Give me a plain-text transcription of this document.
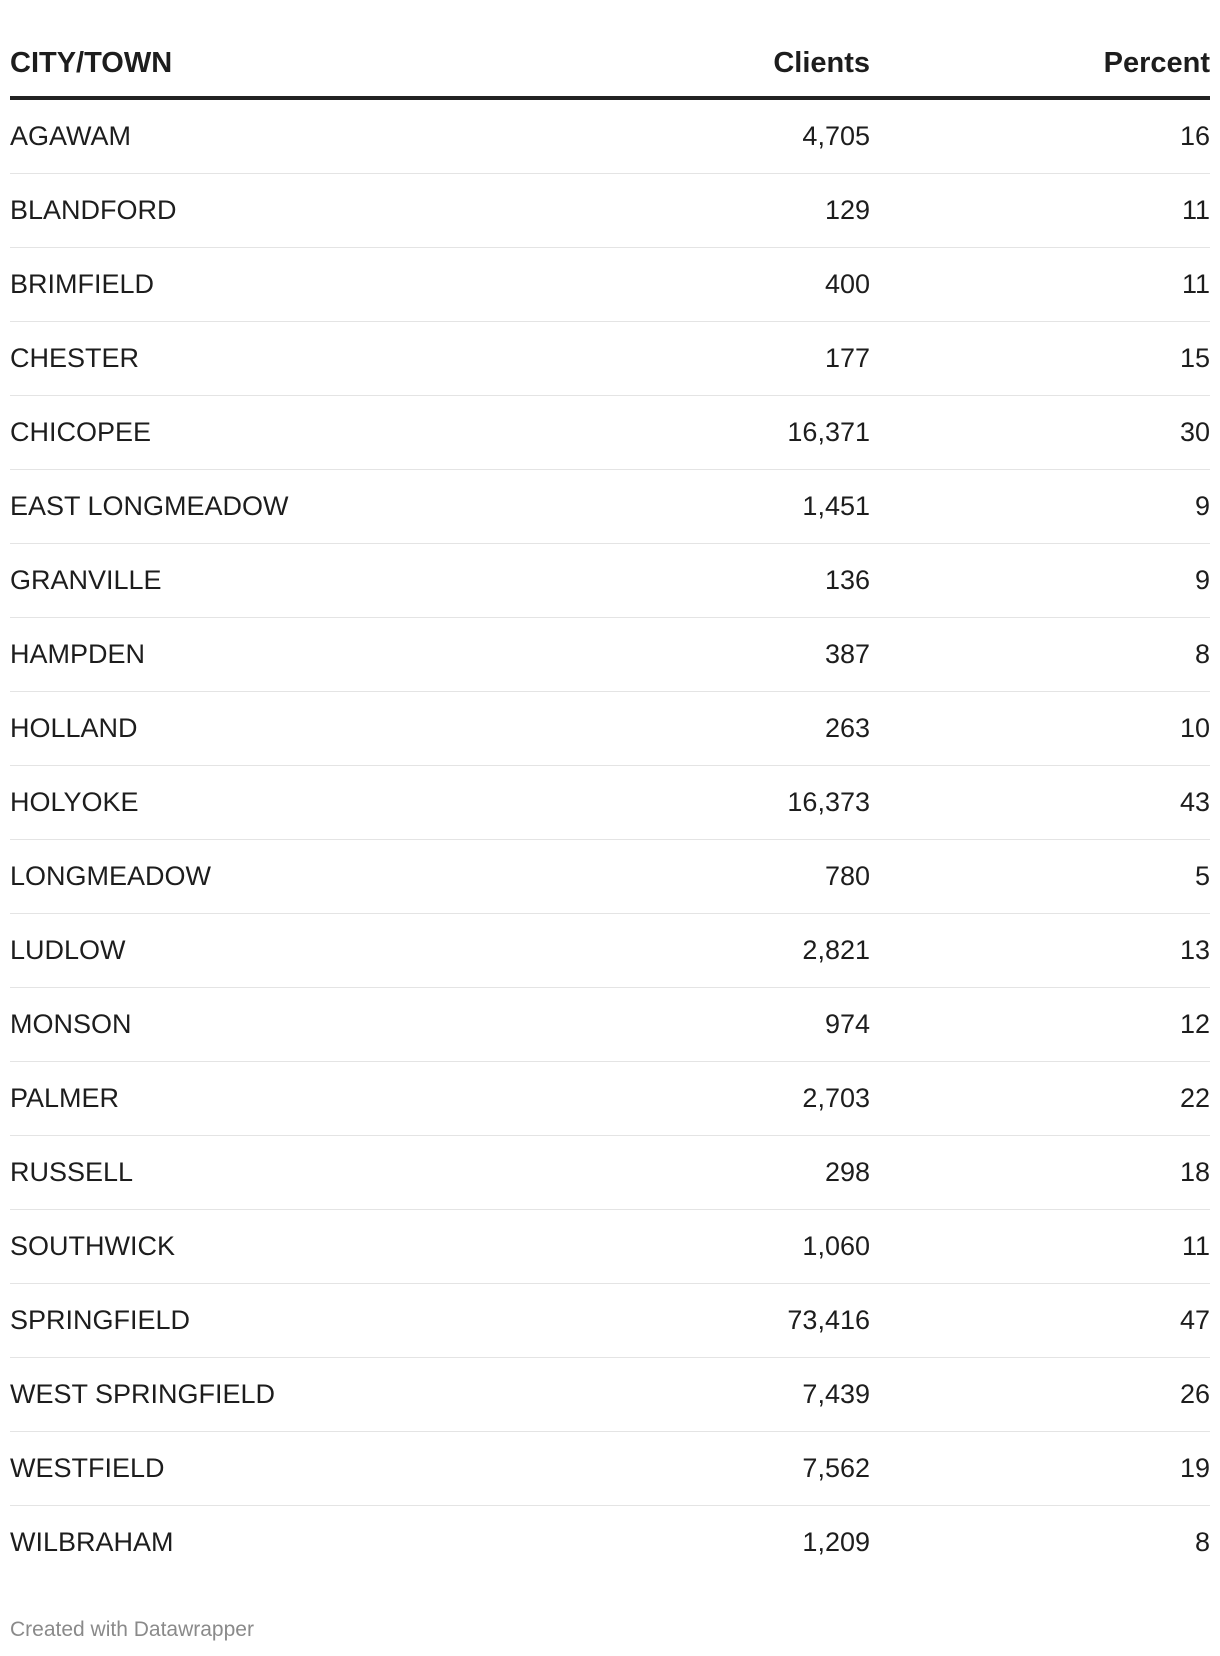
CITY/TOWN	Clients	Percent
AGAWAM	4,705	16
BLANDFORD	129	11
BRIMFIELD	400	11
CHESTER	177	15
CHICOPEE	16,371	30
EAST LONGMEADOW	1,451	9
GRANVILLE	136	9
HAMPDEN	387	8
HOLLAND	263	10
HOLYOKE	16,373	43
LONGMEADOW	780	5
LUDLOW	2,821	13
MONSON	974	12
PALMER	2,703	22
RUSSELL	298	18
SOUTHWICK	1,060	11
SPRINGFIELD	73,416	47
WEST SPRINGFIELD	7,439	26
WESTFIELD	7,562	19
WILBRAHAM	1,209	8
Created with Datawrapper
